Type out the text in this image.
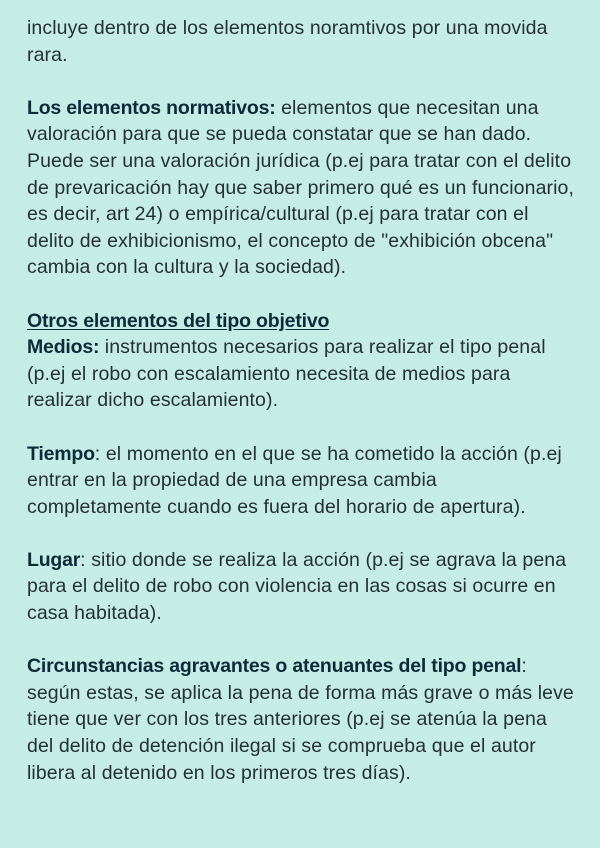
incluye dentro de los elementos noramtivos por una movida rara.

Los elementos normativos: elementos que necesitan una valoración para que se pueda constatar que se han dado. Puede ser una valoración jurídica (p.ej para tratar con el delito de prevaricación hay que saber primero qué es un funcionario, es decir, art 24) o empírica/cultural (p.ej para tratar con el delito de exhibicionismo, el concepto de "exhibición obcena" cambia con la cultura y la sociedad).

Otros elementos del tipo objetivo

Medios: instrumentos necesarios para realizar el tipo penal (p.ej el robo con escalamiento necesita de medios para realizar dicho escalamiento).

Tiempo: el momento en el que se ha cometido la acción (p.ej entrar en la propiedad de una empresa cambia completamente cuando es fuera del horario de apertura).

Lugar: sitio donde se realiza la acción (p.ej se agrava la pena para el delito de robo con violencia en las cosas si ocurre en casa habitada).

Circunstancias agravantes o atenuantes del tipo penal: según estas, se aplica la pena de forma más grave o más leve tiene que ver con los tres anteriores (p.ej se atenúa la pena del delito de detención ilegal si se comprueba que el autor libera al detenido en los primeros tres días).
